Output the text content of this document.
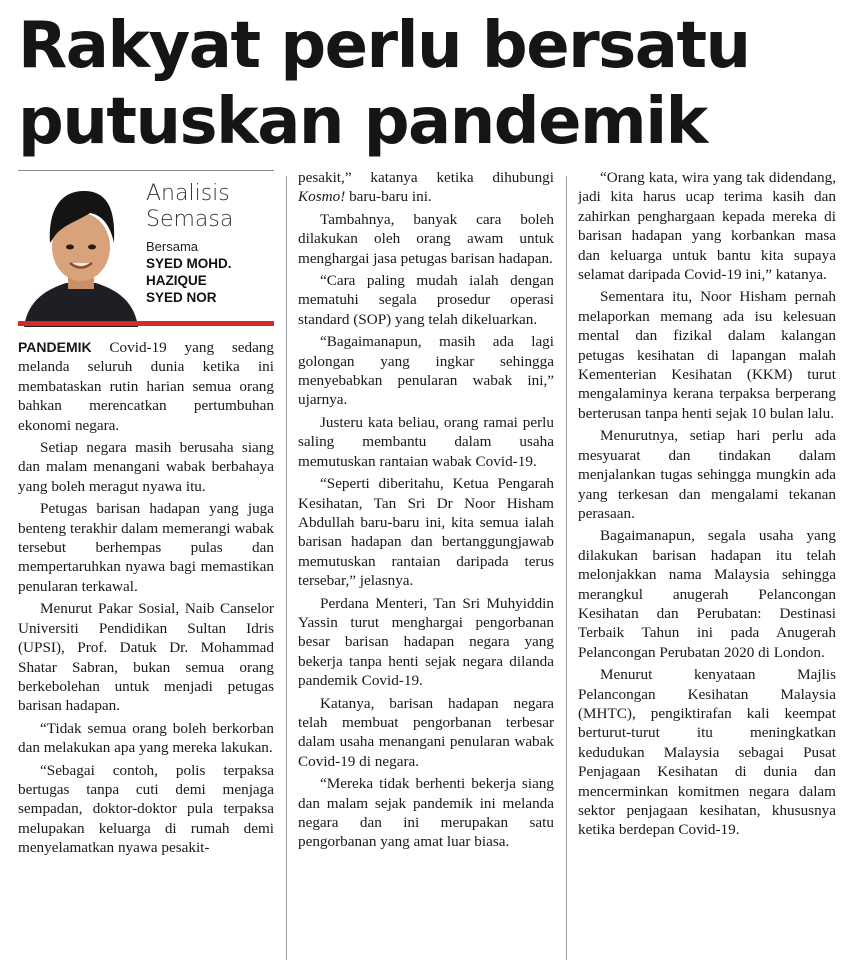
Rakyat perlu bersatu
putuskan pandemik
Analisis
Semasa
Bersama
SYED MOHD.
HAZIQUE
SYED NOR

PANDEMIK Covid-19 yang sedang melanda seluruh dunia ketika ini membataskan rutin harian semua orang bahkan merencatkan pertumbuhan ekonomi negara.

Setiap negara masih berusaha siang dan malam menangani wabak berbahaya yang boleh meragut nyawa itu.

Petugas barisan hadapan yang juga benteng terakhir dalam memerangi wabak tersebut berhempas pulas dan mempertaruhkan nyawa bagi memastikan penularan terkawal.

Menurut Pakar Sosial, Naib Canselor Universiti Pendidikan Sultan Idris (UPSI), Prof. Datuk Dr. Mohammad Shatar Sabran, bukan semua orang berkebolehan untuk menjadi petugas barisan hadapan.

“Tidak semua orang boleh berkorban dan melakukan apa yang mereka lakukan.

“Sebagai contoh, polis terpaksa bertugas tanpa cuti demi menjaga sempadan, doktor-doktor pula terpaksa melupakan keluarga di rumah demi menyelamatkan nyawa pesakit-

pesakit,” katanya ketika dihubungi Kosmo! baru-baru ini.

Tambahnya, banyak cara boleh dilakukan oleh orang awam untuk menghargai jasa petugas barisan hadapan.

“Cara paling mudah ialah dengan mematuhi segala prosedur operasi standard (SOP) yang telah dikeluarkan.

“Bagaimanapun, masih ada lagi golongan yang ingkar sehingga menyebabkan penularan wabak ini,” ujarnya.

Justeru kata beliau, orang ramai perlu saling membantu dalam usaha memutuskan rantaian wabak Covid-19.

“Seperti diberitahu, Ketua Pengarah Kesihatan, Tan Sri Dr Noor Hisham Abdullah baru-baru ini, kita semua ialah barisan hadapan dan bertanggungjawab memutuskan rantaian daripada terus tersebar,” jelasnya.

Perdana Menteri, Tan Sri Muhyiddin Yassin turut menghargai pengorbanan besar barisan hadapan negara yang bekerja tanpa henti sejak negara dilanda pandemik Covid-19.

Katanya, barisan hadapan negara telah membuat pengorbanan terbesar dalam usaha menangani penularan wabak Covid-19 di negara.

“Mereka tidak berhenti bekerja siang dan malam sejak pandemik ini melanda negara dan ini merupakan satu pengorbanan yang amat luar biasa.

“Orang kata, wira yang tak didendang, jadi kita harus ucap terima kasih dan zahirkan penghargaan kepada mereka di barisan hadapan yang korbankan masa dan keluarga untuk bantu kita supaya selamat daripada Covid-19 ini,” katanya.

Sementara itu, Noor Hisham pernah melaporkan memang ada isu kelesuan mental dan fizikal dalam kalangan petugas kesihatan di lapangan malah Kementerian Kesihatan (KKM) turut mengalaminya kerana terpaksa berperang berterusan tanpa henti sejak 10 bulan lalu.

Menurutnya, setiap hari perlu ada mesyuarat dan tindakan dalam menjalankan tugas sehingga mungkin ada yang terkesan dan mengalami tekanan perasaan.

Bagaimanapun, segala usaha yang dilakukan barisan hadapan itu telah melonjakkan nama Malaysia sehingga merangkul anugerah Pelancongan Kesihatan dan Perubatan: Destinasi Terbaik Tahun ini pada Anugerah Pelancongan Perubatan 2020 di London.

Menurut kenyataan Majlis Pelancongan Kesihatan Malaysia (MHTC), pengiktirafan kali keempat berturut-turut itu meningkatkan kedudukan Malaysia sebagai Pusat Penjagaan Kesihatan di dunia dan mencerminkan komitmen negara dalam sektor penjagaan kesihatan, khususnya ketika berdepan Covid-19.
